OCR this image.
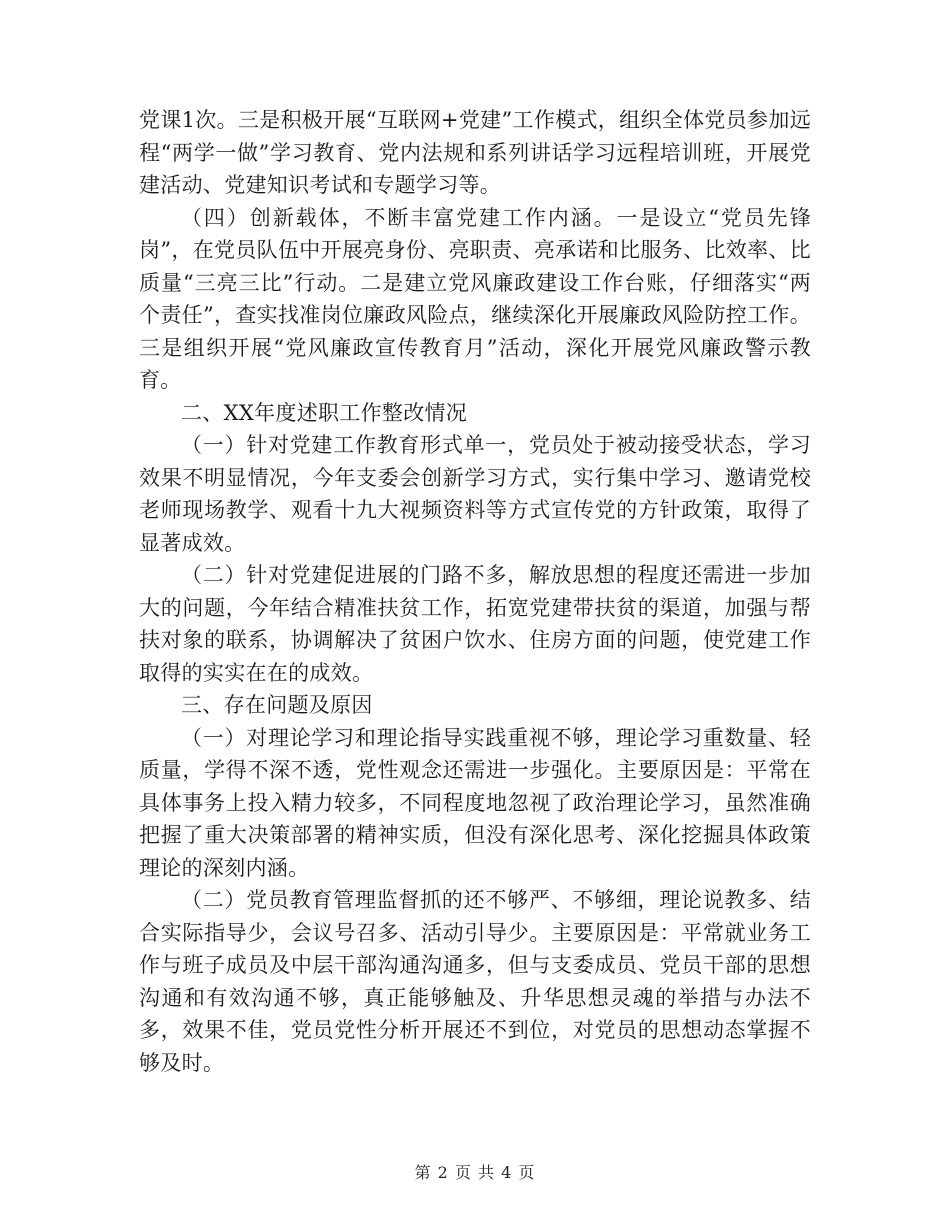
党课1次。三是积极开展“互联网+党建”工作模式，组织全体党员参加远程“两学一做”学习教育、党内法规和系列讲话学习远程培训班，开展党建活动、党建知识考试和专题学习等。

（四）创新载体，不断丰富党建工作内涵。一是设立“党员先锋岗”，在党员队伍中开展亮身份、亮职责、亮承诺和比服务、比效率、比质量“三亮三比”行动。二是建立党风廉政建设工作台账，仔细落实“两个责任”，查实找准岗位廉政风险点，继续深化开展廉政风险防控工作。三是组织开展“党风廉政宣传教育月”活动，深化开展党风廉政警示教育。

二、XX年度述职工作整改情况

（一）针对党建工作教育形式单一，党员处于被动接受状态，学习效果不明显情况，今年支委会创新学习方式，实行集中学习、邀请党校老师现场教学、观看十九大视频资料等方式宣传党的方针政策，取得了显著成效。

（二）针对党建促进展的门路不多，解放思想的程度还需进一步加大的问题，今年结合精准扶贫工作，拓宽党建带扶贫的渠道，加强与帮扶对象的联系，协调解决了贫困户饮水、住房方面的问题，使党建工作取得的实实在在的成效。

三、存在问题及原因

（一）对理论学习和理论指导实践重视不够，理论学习重数量、轻质量，学得不深不透，党性观念还需进一步强化。主要原因是：平常在具体事务上投入精力较多，不同程度地忽视了政治理论学习，虽然准确把握了重大决策部署的精神实质，但没有深化思考、深化挖掘具体政策理论的深刻内涵。

（二）党员教育管理监督抓的还不够严、不够细，理论说教多、结合实际指导少，会议号召多、活动引导少。主要原因是：平常就业务工作与班子成员及中层干部沟通沟通多，但与支委成员、党员干部的思想沟通和有效沟通不够，真正能够触及、升华思想灵魂的举措与办法不多，效果不佳，党员党性分析开展还不到位，对党员的思想动态掌握不够及时。

第 2 页 共 4 页
